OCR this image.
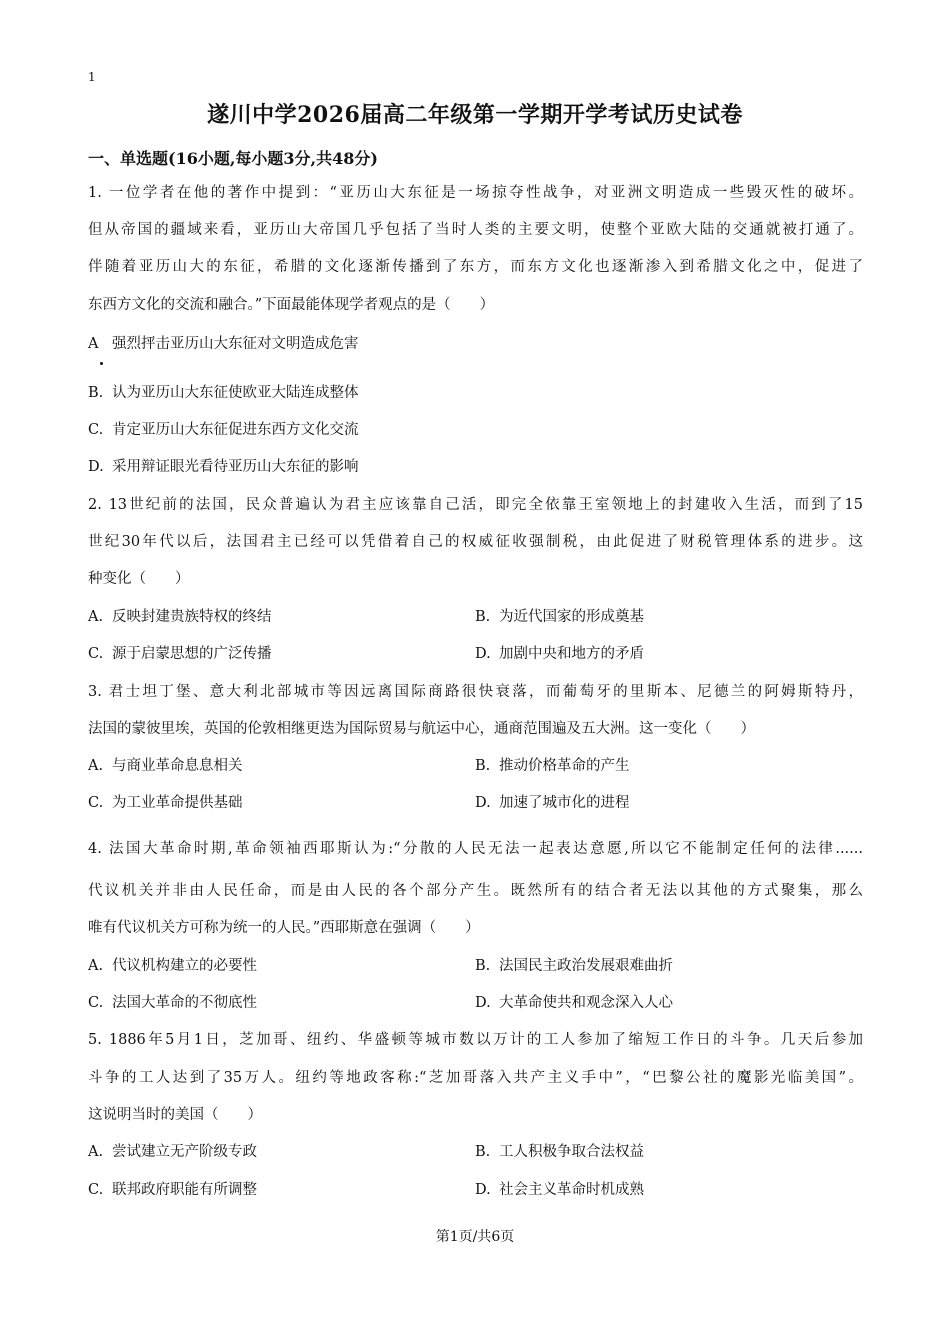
1
遂川中学2026届高二年级第一学期开学考试历史试卷
一、单选题(16小题,每小题3分,共48分)
1. 一位学者在他的著作中提到：“亚历山大东征是一场掠夺性战争，对亚洲文明造成一些毁灭性的破坏。
但从帝国的疆域来看，亚历山大帝国几乎包括了当时人类的主要文明，使整个亚欧大陆的交通就被打通了。
伴随着亚历山大的东征，希腊的文化逐渐传播到了东方，而东方文化也逐渐渗入到希腊文化之中，促进了
东西方文化的交流和融合。”下面最能体现学者观点的是（　　）
A 强烈抨击亚历山大东征对文明造成危害
B. 认为亚历山大东征使欧亚大陆连成整体
C. 肯定亚历山大东征促进东西方文化交流
D. 采用辩证眼光看待亚历山大东征的影响
2. 13世纪前的法国，民众普遍认为君主应该靠自己活，即完全依靠王室领地上的封建收入生活，而到了15
世纪30年代以后，法国君主已经可以凭借着自己的权威征收强制税，由此促进了财税管理体系的进步。这
种变化（　　）
A. 反映封建贵族特权的终结	B. 为近代国家的形成奠基
C. 源于启蒙思想的广泛传播	D. 加剧中央和地方的矛盾
3. 君士坦丁堡、意大利北部城市等因远离国际商路很快衰落，而葡萄牙的里斯本、尼德兰的阿姆斯特丹，
法国的蒙彼里埃，英国的伦敦相继更迭为国际贸易与航运中心，通商范围遍及五大洲。这一变化（　　）
A. 与商业革命息息相关	B. 推动价格革命的产生
C. 为工业革命提供基础	D. 加速了城市化的进程
4. 法国大革命时期,革命领袖西耶斯认为:“分散的人民无法一起表达意愿,所以它不能制定任何的法律......
代议机关并非由人民任命，而是由人民的各个部分产生。既然所有的结合者无法以其他的方式聚集，那么
唯有代议机关方可称为统一的人民。”西耶斯意在强调（　　）
A. 代议机构建立的必要性	B. 法国民主政治发展艰难曲折
C. 法国大革命的不彻底性	D. 大革命使共和观念深入人心
5. 1886年5月1日，芝加哥、纽约、华盛顿等城市数以万计的工人参加了缩短工作日的斗争。几天后参加
斗争的工人达到了35万人。纽约等地政客称:“芝加哥落入共产主义手中”，“巴黎公社的魔影光临美国”。
这说明当时的美国（　　）
A. 尝试建立无产阶级专政	B. 工人积极争取合法权益
C. 联邦政府职能有所调整	D. 社会主义革命时机成熟
第1页/共6页
